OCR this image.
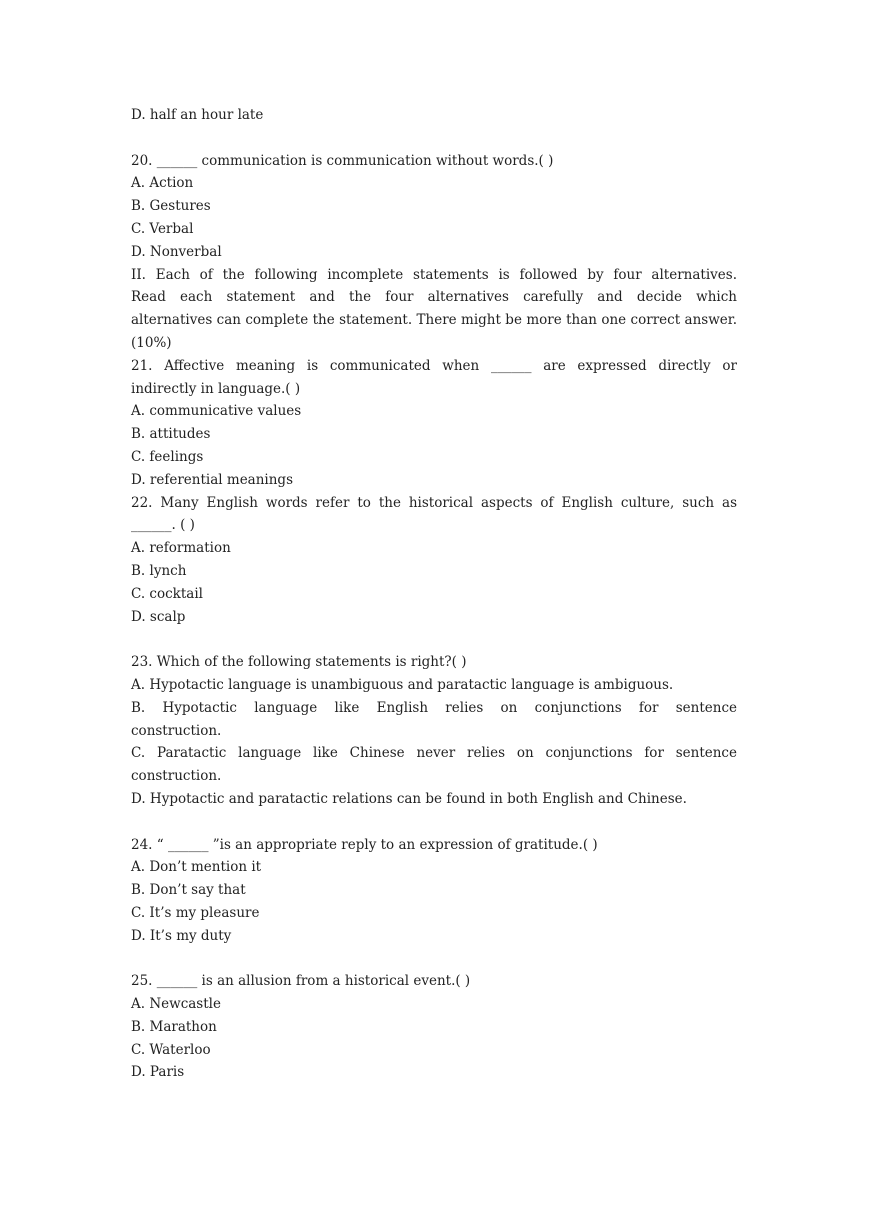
D. half an hour late
20. ______ communication is communication without words.( )
A. Action
B. Gestures
C. Verbal
D. Nonverbal
II. Each of the following incomplete statements is followed by four alternatives.
Read each statement and the four alternatives carefully and decide which
alternatives can complete the statement. There might be more than one correct answer.
(10%)
21. Affective meaning is communicated when ______ are expressed directly or
indirectly in language.( )
A. communicative values
B. attitudes
C. feelings
D. referential meanings
22. Many English words refer to the historical aspects of English culture, such as
______. ( )
A. reformation
B. lynch
C. cocktail
D. scalp
23. Which of the following statements is right?( )
A. Hypotactic language is unambiguous and paratactic language is ambiguous.
B. Hypotactic language like English relies on conjunctions for sentence
construction.
C. Paratactic language like Chinese never relies on conjunctions for sentence
construction.
D. Hypotactic and paratactic relations can be found in both English and Chinese.
24. “ ______ ”is an appropriate reply to an expression of gratitude.( )
A. Don’t mention it
B. Don’t say that
C. It’s my pleasure
D. It’s my duty
25. ______ is an allusion from a historical event.( )
A. Newcastle
B. Marathon
C. Waterloo
D. Paris
